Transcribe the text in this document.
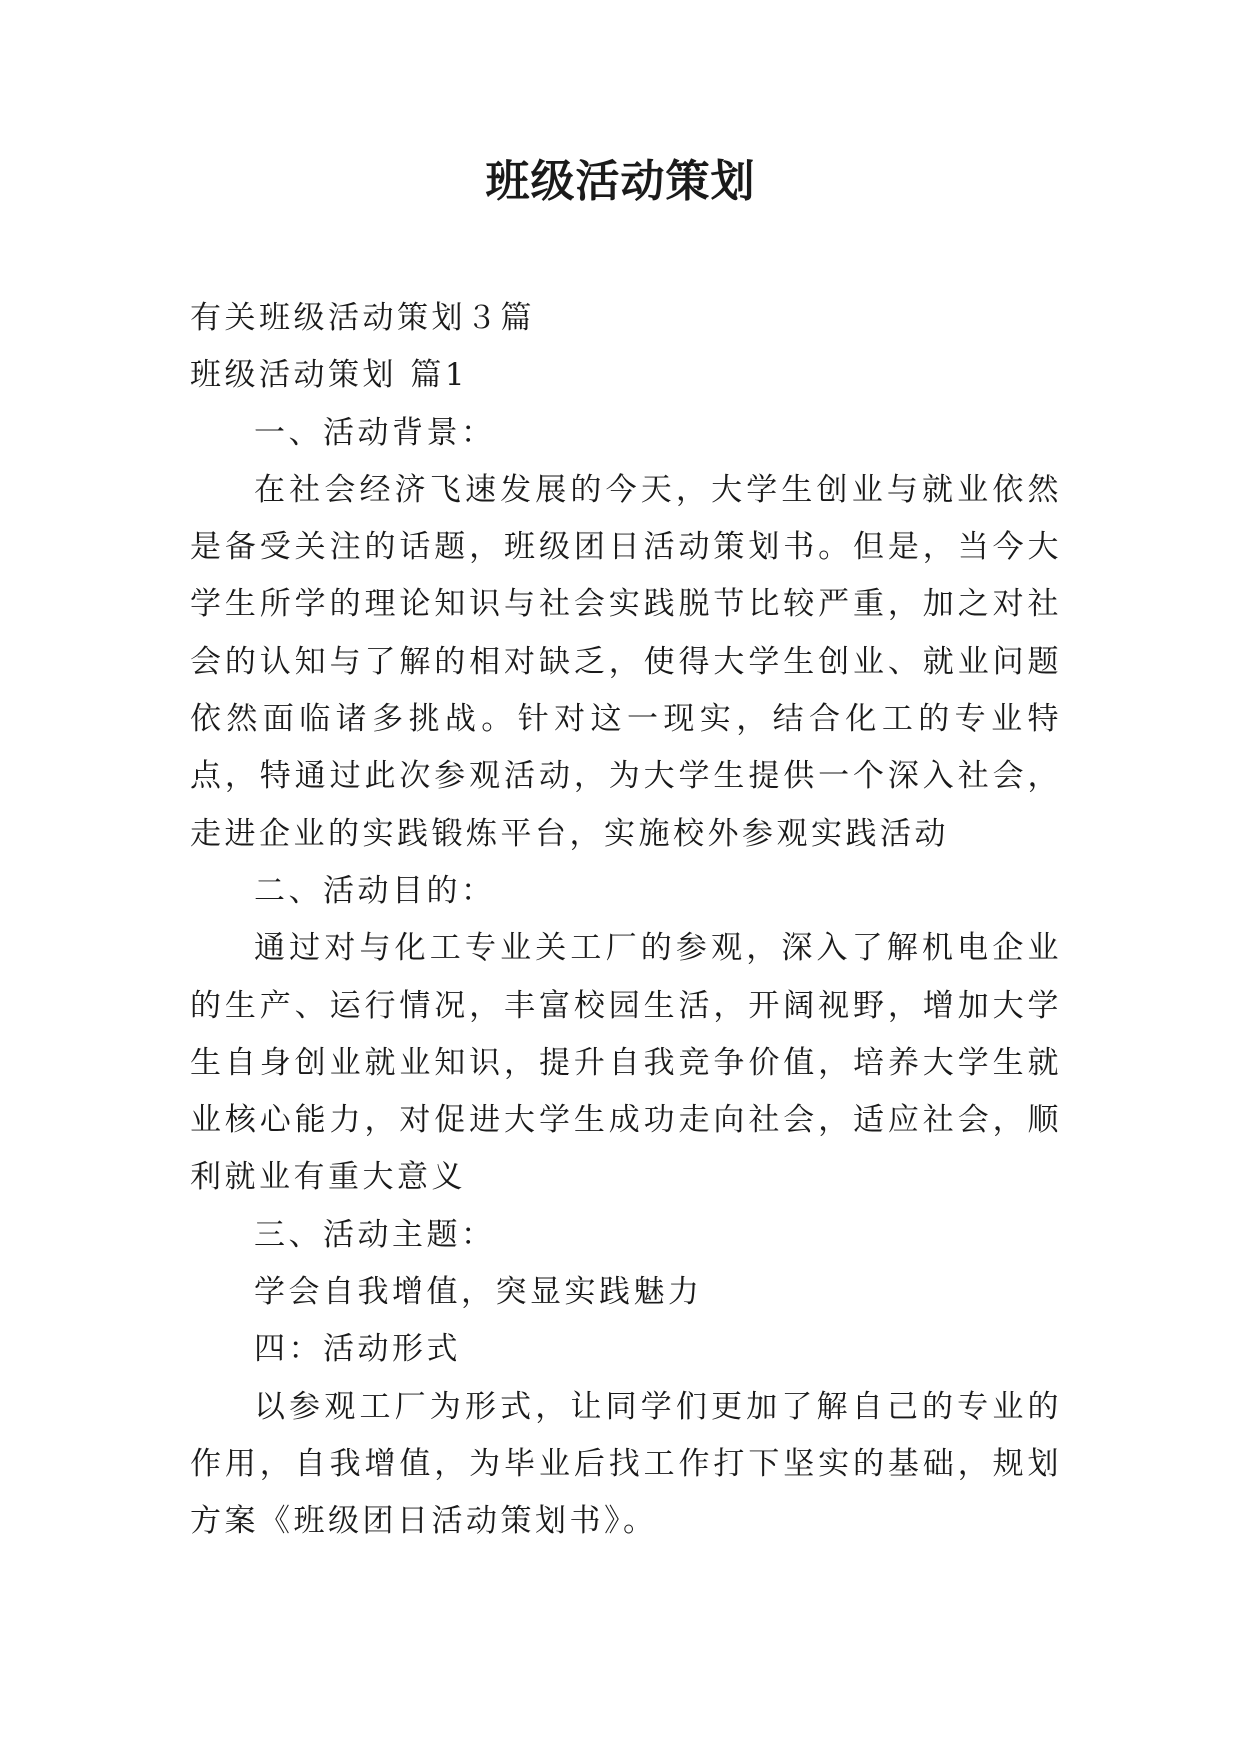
班级活动策划

有关班级活动策划３篇

班级活动策划 篇1

一、活动背景：

在社会经济飞速发展的今天，大学生创业与就业依然是备受关注的话题，班级团日活动策划书。但是，当今大学生所学的理论知识与社会实践脱节比较严重，加之对社会的认知与了解的相对缺乏，使得大学生创业、就业问题依然面临诸多挑战。针对这一现实，结合化工的专业特点，特通过此次参观活动，为大学生提供一个深入社会，走进企业的实践锻炼平台，实施校外参观实践活动

二、活动目的：

通过对与化工专业关工厂的参观，深入了解机电企业的生产、运行情况，丰富校园生活，开阔视野，增加大学生自身创业就业知识，提升自我竞争价值，培养大学生就业核心能力，对促进大学生成功走向社会，适应社会，顺利就业有重大意义

三、活动主题：

学会自我增值，突显实践魅力

四：活动形式

以参观工厂为形式，让同学们更加了解自己的专业的作用，自我增值，为毕业后找工作打下坚实的基础，规划方案《班级团日活动策划书》。
